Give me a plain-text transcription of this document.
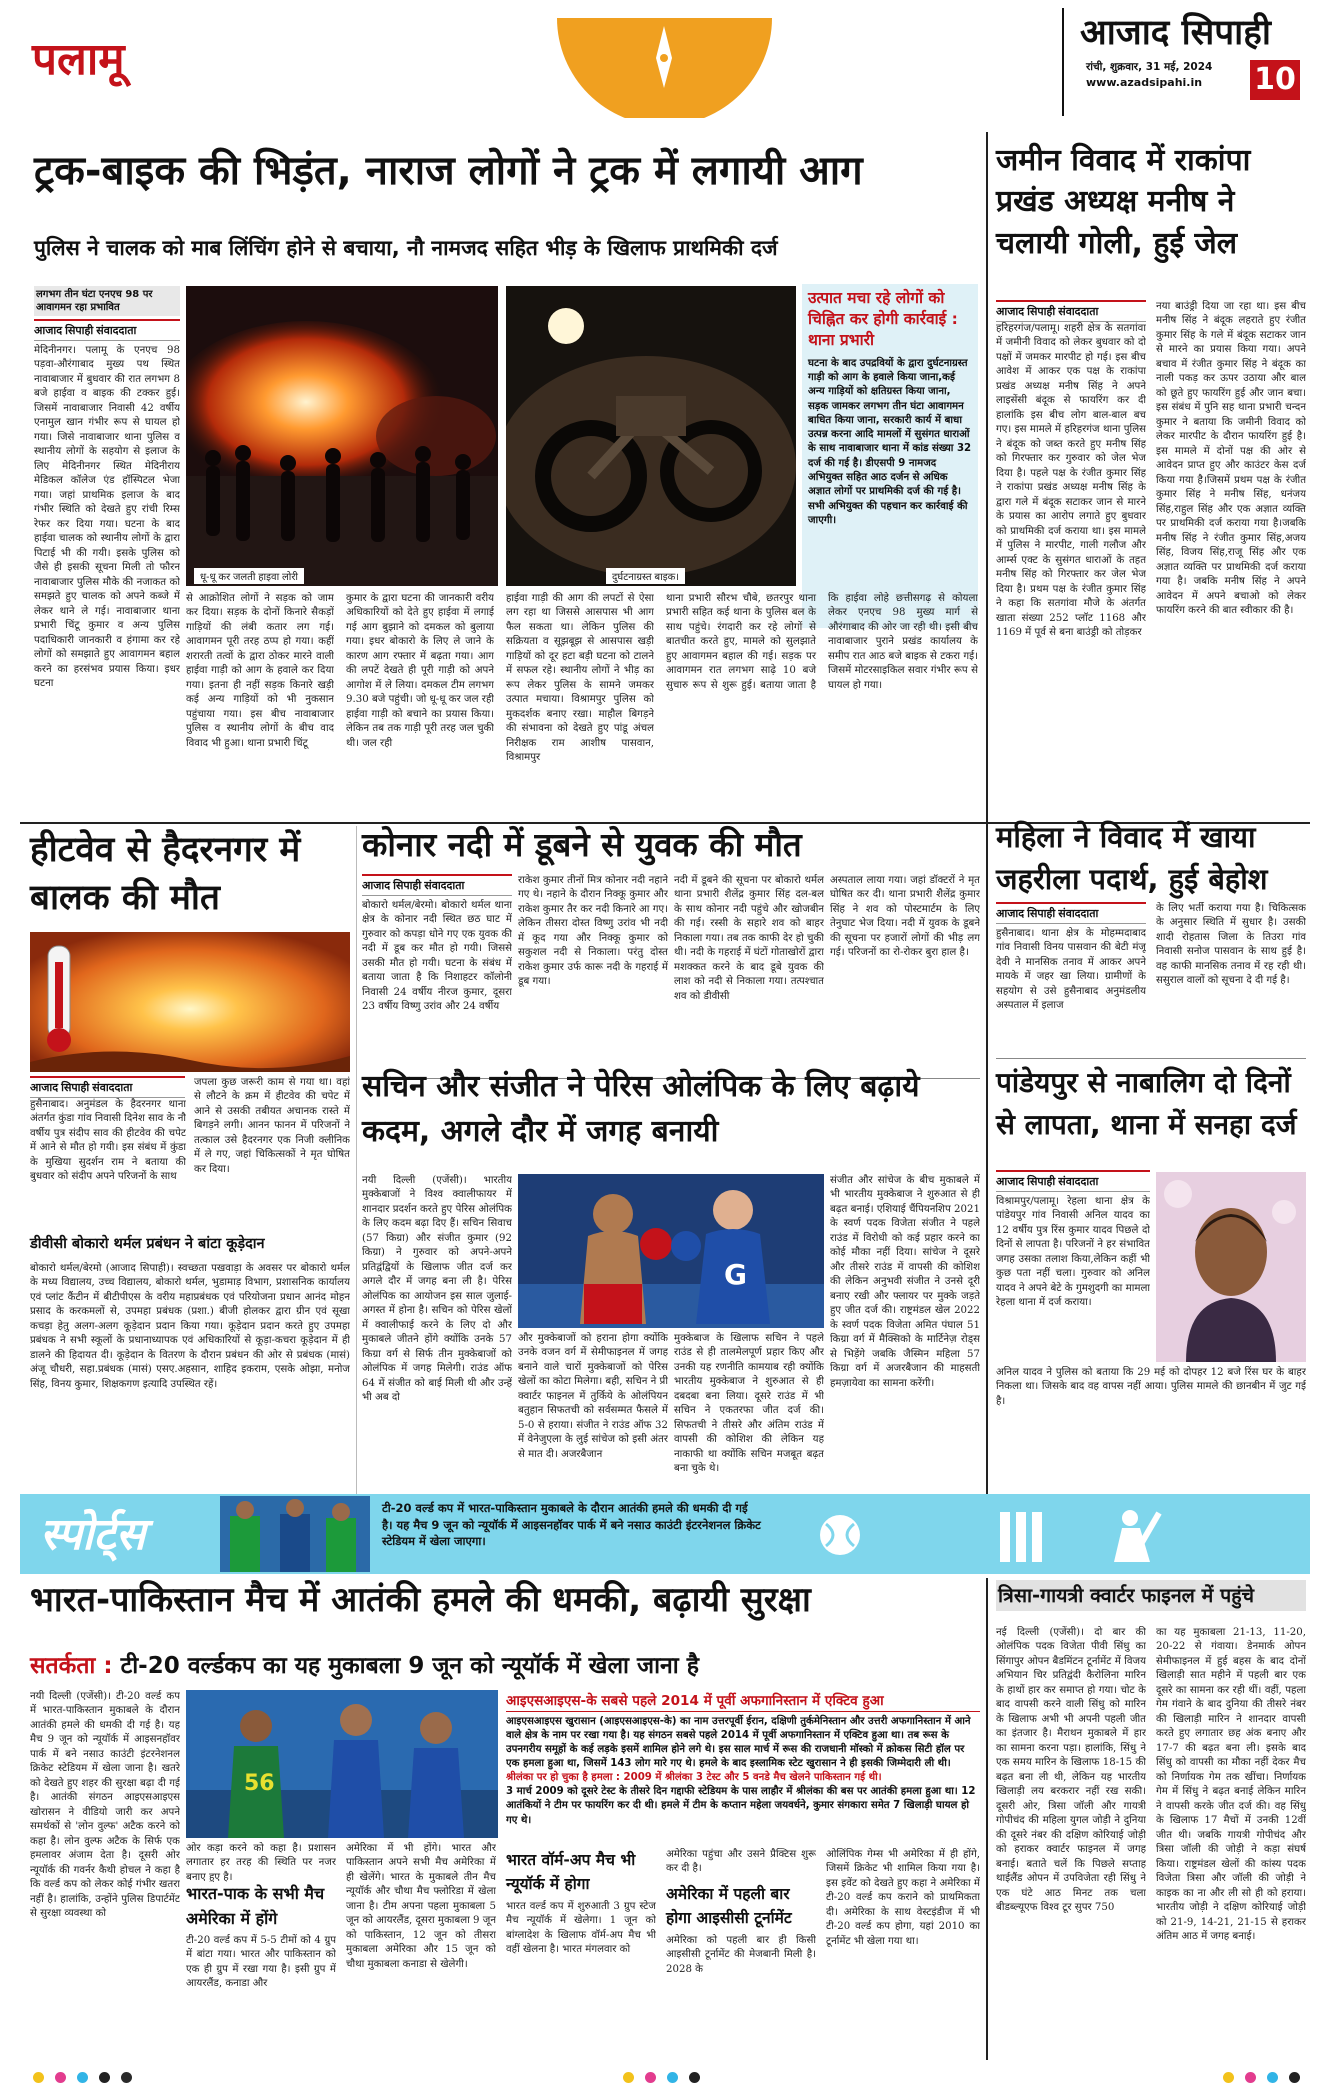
पलामू
आजाद सिपाही
रांची, शुक्रवार, 31 मई, 2024
www.azadsipahi.in 10
ट्रक-बाइक की भिड़ंत, नाराज लोगों ने ट्रक में लगायी आग
पुलिस ने चालक को माब लिंचिंग होने से बचाया, नौ नामजद सहित भीड़ के खिलाफ प्राथमिकी दर्ज
लगभग तीन घंटा एनएच 98 पर आवागमन रहा प्रभावित
आजाद सिपाही संवाददाता
मेदिनीनगर। पलामू के एनएच 98 पड़वा-औरंगाबाद मुख्य पथ स्थित नावाबाजार में बुधवार की रात लगभग 8 बजे हाईवा व बाइक की टक्कर हुई। जिसमें नावाबाजार निवासी 42 वर्षीय एनामुल खान गंभीर रूप से घायल हो गया। जिसे नावाबाजार थाना पुलिस व स्थानीय लोगों के सहयोग से इलाज के लिए मेदिनीनगर स्थित मेदिनीराय मेडिकल कॉलेज एंड हॉस्पिटल भेजा गया। जहां प्राथमिक इलाज के बाद गंभीर स्थिति को देखते हुए रांची रिम्स रेफर कर दिया गया। घटना के बाद हाईवा चालक को स्थानीय लोगों के द्वारा पिटाई भी की गयी। इसके पुलिस को जैसे ही इसकी सूचना मिली तो फौरन नावाबाजार पुलिस मौके की नजाकत को समझते हुए चालक को अपने कब्जे में लेकर थाने ले गई। नावाबाजार थाना प्रभारी चिंटू कुमार व अन्य पुलिस पदाधिकारी जानकारी व हंगामा कर रहे लोगों को समझाते हुए आवागमन बहाल करने का हरसंभव प्रयास किया। इधर घटना
धू-धू कर जलती हाइवा लोरी	दुर्घटनाग्रस्त बाइक।
उत्पात मचा रहे लोगों को चिह्नित कर होगी कार्रवाई : थाना प्रभारी
घटना के बाद उपद्रवियों के द्वारा दुर्घटनाग्रस्त गाड़ी को आग के हवाले किया जाना,कई अन्य गाड़ियों को क्षतिग्रस्त किया जाना, सड़क जामकर लगभग तीन घंटा आवागमन बाधित किया जाना, सरकारी कार्य में बाधा उत्पन्न करना आदि मामलों में सुसंगत धाराओं के साथ नावाबाजार थाना में कांड संख्या 32 दर्ज की गई है। डीएसपी 9 नामजद अभियुक्त सहित आठ दर्जन से अधिक अज्ञात लोगों पर प्राथमिकी दर्ज की गई है। सभी अभियुक्त की पहचान कर कार्रवाई की जाएगी।
से आक्रोशित लोगों ने सड़क को जाम कर दिया। सड़क के दोनों किनारे सैकड़ों गाड़ियों की लंबी कतार लग गई। आवागमन पूरी तरह ठप्प हो गया। कहीं शरारती तत्वों के द्वारा ठोकर मारने वाली हाईवा गाड़ी को आग के हवाले कर दिया गया। इतना ही नहीं सड़क किनारे खड़ी कई अन्य गाड़ियों को भी नुकसान पहुंचाया गया। इस बीच नावाबाजार पुलिस व स्थानीय लोगों के बीच वाद विवाद भी हुआ। थाना प्रभारी चिंटू
कुमार के द्वारा घटना की जानकारी वरीय अधिकारियों को देते हुए हाईवा में लगाई गई आग बुझाने को दमकल को बुलाया गया। इधर बोकारो के लिए ले जाने के कारण आग रफ्तार में बढ़ता गया। आग की लपटें देखते ही पूरी गाड़ी को अपने आगोश में ले लिया। दमकल टीम लगभग 9.30 बजे पहुंची। जो धू-धू कर जल रही हाईवा गाड़ी को बचाने का प्रयास किया। लेकिन तब तक गाड़ी पूरी तरह जल चुकी थी। जल रही
हाईवा गाड़ी की आग की लपटों से ऐसा लग रहा था जिससे आसपास भी आग फैल सकता था। लेकिन पुलिस की सक्रियता व सूझबूझ से आसपास खड़ी गाड़ियों को दूर हटा बड़ी घटना को टालने में सफल रहे। स्थानीय लोगों ने भीड़ का रूप लेकर पुलिस के सामने जमकर उत्पात मचाया। विश्रामपुर पुलिस को मुकदर्शक बनाए रखा। माहौल बिगड़ने की संभावना को देखते हुए पांडू अंचल निरीक्षक राम आशीष पासवान, विश्रामपुर
थाना प्रभारी सौरभ चौबे, छतरपुर थाना प्रभारी सहित कई थाना के पुलिस बल के साथ पहुंचे। रंगदारी कर रहे लोगों से बातचीत करते हुए, मामले को सुलझाते हुए आवागमन बहाल की गई। सड़क पर आवागमन रात लगभग साढ़े 10 बजे सुचारु रूप से शुरू हुई। बताया जाता है कि हाईवा लोहे छत्तीसगढ़ से कोयला लेकर एनएच 98 मुख्य मार्ग से औरंगाबाद की ओर जा रही थी। इसी बीच नावाबाजार पुराने प्रखंड कार्यालय के समीप रात आठ बजे बाइक से टकरा गई। जिसमें मोटरसाइकिल सवार गंभीर रूप से घायल हो गया।
जमीन विवाद में राकांपा प्रखंड अध्यक्ष मनीष ने चलायी गोली, हुई जेल
आजाद सिपाही संवाददाता
हरिहरगंज/पलामू। शहरी क्षेत्र के सतगांवा में जमीनी विवाद को लेकर बुधवार को दो पक्षों में जमकर मारपीट हो गई। इस बीच आवेश में आकर एक पक्ष के राकांपा प्रखंड अध्यक्ष मनीष सिंह ने अपने लाइसेंसी बंदूक से फायरिंग कर दी हालांकि इस बीच लोग बाल-बाल बच गए। इस मामले में हरिहरगंज थाना पुलिस ने बंदूक को जब्त करते हुए मनीष सिंह को गिरफ्तार कर गुरुवार को जेल भेज दिया है। पहले पक्ष के रंजीत कुमार सिंह ने राकांपा प्रखंड अध्यक्ष मनीष सिंह के द्वारा गले में बंदूक सटाकर जान से मारने के प्रयास का आरोप लगाते हुए बुधवार को प्राथमिकी दर्ज कराया था। इस मामले में पुलिस ने मारपीट, गाली गलौज और आर्म्स एक्ट के सुसंगत धाराओं के तहत मनीष सिंह को गिरफ्तार कर जेल भेज दिया है। प्रथम पक्ष के रंजीत कुमार सिंह ने कहा कि सतगांवा मौजे के अंतर्गत खाता संख्या 252 प्लॉट 1168 और 1169 में पूर्व से बना बाउंड्री को तोड़कर
नया बाउंड्री दिया जा रहा था। इस बीच मनीष सिंह ने बंदूक लहराते हुए रंजीत कुमार सिंह के गले में बंदूक सटाकर जान से मारने का प्रयास किया गया। अपने बचाव में रंजीत कुमार सिंह ने बंदूक का नाली पकड़ कर ऊपर उठाया और बाल को छूते हुए फायरिंग हुई और जान बचा। इस संबंध में पुनि सह थाना प्रभारी चन्दन कुमार ने बताया कि जमीनी विवाद को लेकर मारपीट के दौरान फायरिंग हुई है। इस मामले में दोनों पक्ष की ओर से आवेदन प्राप्त हुए और काउंटर केस दर्ज किया गया है।जिसमें प्रथम पक्ष के रंजीत कुमार सिंह ने मनीष सिंह, धनंजय सिंह,राहुल सिंह और एक अज्ञात व्यक्ति पर प्राथमिकी दर्ज कराया गया है।जबकि मनीष सिंह ने रंजीत कुमार सिंह,अजय सिंह, विजय सिंह,राजू सिंह और एक अज्ञात व्यक्ति पर प्राथमिकी दर्ज कराया गया है। जबकि मनीष सिंह ने अपने आवेदन में अपने बचाओ को लेकर फायरिंग करने की बात स्वीकार की है।
हीटवेव से हैदरनगर में बालक की मौत
आजाद सिपाही संवाददाता
हुसैनाबाद। अनुमंडल के हैदरनगर थाना अंतर्गत कुंडा गांव निवासी दिनेश साव के नौ वर्षीय पुत्र संदीप साव की हीटवेव की चपेट में आने से मौत हो गयी। इस संबंध में कुंडा के मुखिया सुदर्शन राम ने बताया की बुधवार को संदीप अपने परिजनों के साथ
जपला कुछ जरूरी काम से गया था। वहां से लौटने के क्रम में हीटवेव की चपेट में आने से उसकी तबीयत अचानक रास्ते में बिगड़ने लगी। आनन फानन में परिजनों ने तत्काल उसे हैदरनगर एक निजी क्लीनिक में ले गए, जहां चिकित्सकों ने मृत घोषित कर दिया।
डीवीसी बोकारो थर्मल प्रबंधन ने बांटा कूड़ेदान
बोकारो थर्मल/बेरमो (आजाद सिपाही)। स्वच्छता पखवाड़ा के अवसर पर बोकारो थर्मल के मध्य विद्यालय, उच्च विद्यालय, बोकारो थर्मल, भुडामाड़ विभाग, प्रशासनिक कार्यालय एवं प्लांट कैंटीन में बीटीपीएस के वरीय महाप्रबंधक एवं परियोजना प्रधान आनंद मोहन प्रसाद के करकमलों से, उपमहा प्रबंधक (प्रशा.) बीजी होलकर द्वारा ग्रीन एवं सूखा कचड़ा हेतु अलग-अलग कूड़ेदान प्रदान किया गया। कूड़ेदान प्रदान करते हुए उपमहा प्रबंधक ने सभी स्कूलों के प्रधानाध्यापक एवं अधिकारियों से कूड़ा-कचरा कूड़ेदान में ही डालने की हिदायत दी। कूड़ेदान के वितरण के दौरान प्रबंधन की ओर से प्रबंधक (मासं) अंजू चौधरी, सहा.प्रबंधक (मासं) एसए.अहसान, शाहिद इकराम, एसके ओझा, मनोज सिंह, विनय कुमार, शिक्षकगण इत्यादि उपस्थित रहें।
कोनार नदी में डूबने से युवक की मौत
आजाद सिपाही संवाददाता
बोकारो थर्मल/बेरमो। बोकारो थर्मल थाना क्षेत्र के कोनार नदी स्थित छठ घाट में गुरुवार को कपड़ा धोने गए एक युवक की नदी में डूब कर मौत हो गयी। जिससे उसकी मौत हो गयी। घटना के संबंध में बताया जाता है कि निशाहटर कॉलोनी निवासी 24 वर्षीय नीरज कुमार, दूसरा 23 वर्षीय विष्णु उरांव और 24 वर्षीय
राकेश कुमार तीनों मित्र कोनार नदी नहाने गए थे। नहाने के दौरान निक्कू कुमार और राकेश कुमार तैर कर नदी किनारे आ गए। लेकिन तीसरा दोस्त विष्णु उरांव भी नदी में कूद गया और निक्कू कुमार को सकुशल नदी से निकाला। परंतु दोस्त राकेश कुमार उर्फ कारू नदी के गहराई में डूब गया।
नदी में डूबने की सूचना पर बोकारो थर्मल थाना प्रभारी शैलेंद्र कुमार सिंह दल-बल के साथ कोनार नदी पहुंचे और खोजबीन की गई। रस्सी के सहारे शव को बाहर निकाला गया। तब तक काफी देर हो चुकी थी। नदी के गहराई में घंटों गोताखोरों द्वारा मशक्कत करने के बाद डूबे युवक की लाश को नदी से निकाला गया। तत्पश्चात शव को डीवीसी
अस्पताल लाया गया। जहां डॉक्टरों ने मृत घोषित कर दी। थाना प्रभारी शैलेंद्र कुमार सिंह ने शव को पोस्टमार्टम के लिए तेनुघाट भेज दिया। नदी में युवक के डूबने की सूचना पर हजारों लोगों की भीड़ लग गई। परिजनों का रो-रोकर बुरा हाल है।
सचिन और संजीत ने पेरिस ओलंपिक के लिए बढ़ाये कदम, अगले दौर में जगह बनायी
नयी दिल्ली (एजेंसी)। भारतीय मुक्केबाजों ने विश्व क्वालीफायर में शानदार प्रदर्शन करते हुए पेरिस ओलंपिक के लिए कदम बढ़ा दिए हैं। सचिन सिवाच (57 किग्रा) और संजीत कुमार (92 किग्रा) ने गुरुवार को अपने-अपने प्रतिद्वंद्वियों के खिलाफ जीत दर्ज कर अगले दौर में जगह बना ली है। पेरिस ओलंपिक का आयोजन इस साल जुलाई-अगस्त में होना है। सचिन को पेरिस खेलों में क्वालीफाई करने के लिए दो और मुकाबले जीतने होंगे क्योंकि उनके 57 किग्रा वर्ग से सिर्फ तीन मुक्केबाजों को ओलंपिक में जगह मिलेगी। राउंड ऑफ 64 में संजीत को बाई मिली थी और उन्हें भी अब दो
G
और मुक्केबाजों को हराना होगा क्योंकि उनके वजन वर्ग में सेमीफाइनल में जगह बनाने वाले चारों मुक्केबाजों को पेरिस खेलों का कोटा मिलेगा। बही, सचिन ने प्री क्वार्टर फाइनल में तुर्किये के ओलंपियन बतुहान सिफतची को सर्वसम्मत फैसले में 5-0 से हराया। संजीत ने राउंड ऑफ 32 में वेनेजुएला के लुई सांचेज को इसी अंतर से मात दी। अजरबैजान
मुक्केबाज के खिलाफ सचिन ने पहले राउंड से ही तालमेलपूर्ण प्रहार किए और उनकी यह रणनीति कामयाब रही क्योंकि भारतीय मुक्केबाज ने शुरुआत से ही दबदबा बना लिया। दूसरे राउंड में भी सचिन ने एकतरफा जीत दर्ज की। सिफतची ने तीसरे और अंतिम राउंड में वापसी की कोशिश की लेकिन यह नाकाफी था क्योंकि सचिन मजबूत बढ़त बना चुके थे।
संजीत और सांचेज के बीच मुकाबले में भी भारतीय मुक्केबाज ने शुरुआत से ही बढ़त बनाई। एशियाई चैंपियनशिप 2021 के स्वर्ण पदक विजेता संजीत ने पहले राउंड में विरोधी को कई प्रहार करने का कोई मौका नहीं दिया। सांचेज ने दूसरे और तीसरे राउंड में वापसी की कोशिश की लेकिन अनुभवी संजीत ने उनसे दूरी बनाए रखी और फ्लायर पर मुक्के जड़ते हुए जीत दर्ज की। राष्ट्रमंडल खेल 2022 के स्वर्ण पदक विजेता अमित पंघाल 51 किग्रा वर्ग में मैक्सिको के मार्टिनेज़ रोड्स से भिड़ेंगे जबकि जैस्मिन महिला 57 किग्रा वर्ग में अजरबैजान की माहसती हमज़ायेवा का सामना करेंगी।
महिला ने विवाद में खाया जहरीला पदार्थ, हुई बेहोश
आजाद सिपाही संवाददाता
हुसैनाबाद। थाना क्षेत्र के मोहम्मदाबाद गांव निवासी विनय पासवान की बेटी मंजू देवी ने मानसिक तनाव में आकर अपने मायके में जहर खा लिया। ग्रामीणों के सहयोग से उसे हुसैनाबाद अनुमंडलीय अस्पताल में इलाज
के लिए भर्ती कराया गया है। चिकित्सक के अनुसार स्थिति में सुधार है। उसकी शादी रोहतास जिला के तिउरा गांव निवासी सनोज पासवान के साथ हुई है। वह काफी मानसिक तनाव में रह रही थी। ससुराल वालों को सूचना दे दी गई है।
पांडेयपुर से नाबालिग दो दिनों से लापता, थाना में सनहा दर्ज
आजाद सिपाही संवाददाता
विश्रामपुर/पलामू। रेहला थाना क्षेत्र के पांडेयपुर गांव निवासी अनिल यादव का 12 वर्षीय पुत्र रिंस कुमार यादव पिछले दो दिनों से लापता है। परिजनों ने हर संभावित जगह उसका तलाश किया,लेकिन कहीं भी कुछ पता नहीं चला। गुरुवार को अनिल यादव ने अपने बेटे के गुमशुदगी का मामला रेहला थाना में दर्ज कराया।
अनिल यादव ने पुलिस को बताया कि 29 मई को दोपहर 12 बजे रिंस घर के बाहर निकला था। जिसके बाद वह वापस नहीं आया। पुलिस मामले की छानबीन में जुट गई है।
स्पोर्ट्स
टी-20 वर्ल्ड कप में भारत-पाकिस्तान मुकाबले के दौरान आतंकी हमले की धमकी दी गई है। यह मैच 9 जून को न्यूयॉर्क में आइसनहॉवर पार्क में बने नसाउ काउंटी इंटरनेशनल क्रिकेट स्टेडियम में खेला जाएगा।
भारत-पाकिस्तान मैच में आतंकी हमले की धमकी, बढ़ायी सुरक्षा
सतर्कता : टी-20 वर्ल्डकप का यह मुकाबला 9 जून को न्यूयॉर्क में खेला जाना है
नयी दिल्ली (एजेंसी)। टी-20 वर्ल्ड कप में भारत-पाकिस्तान मुकाबले के दौरान आतंकी हमले की धमकी दी गई है। यह मैच 9 जून को न्यूयॉर्क में आइसनहॉवर पार्क में बने नसाउ काउंटी इंटरनेशनल क्रिकेट स्टेडियम में खेला जाना है। खतरे को देखते हुए शहर की सुरक्षा बढ़ा दी गई है। आतंकी संगठन आइएसआइएस खोरासन ने वीडियो जारी कर अपने समर्थकों से 'लोन वुल्फ' अटैक करने को कहा है। लोन वुल्फ अटैक के सिर्फ एक हमलावर अंजाम देता है। दूसरी ओर न्यूयॉर्क की गवर्नर कैथी होचल ने कहा है कि वर्ल्ड कप को लेकर कोई गंभीर खतरा नहीं है। हालांकि, उन्होंने पुलिस डिपार्टमेंट से सुरक्षा व्यवस्था को
56
ओर कड़ा करने को कहा है। प्रशासन लगातार हर तरह की स्थिति पर नजर बनाए हुए है।
भारत-पाक के सभी मैच अमेरिका में होंगे
टी-20 वर्ल्ड कप में 5-5 टीमों को 4 ग्रुप में बांटा गया। भारत और पाकिस्तान को एक ही ग्रुप में रखा गया है। इसी ग्रुप में आयरलैंड, कनाडा और
अमेरिका में भी होंगे। भारत और पाकिस्तान अपने सभी मैच अमेरिका में ही खेलेंगे। भारत के मुकाबले तीन मैच न्यूयॉर्क और चौथा मैच फ्लोरिडा में खेला जाना है। टीम अपना पहला मुकाबला 5 जून को आयरलैंड, दूसरा मुकाबला 9 जून को पाकिस्तान, 12 जून को तीसरा मुकाबला अमेरिका और 15 जून को चौथा मुकाबला कनाडा से खेलेगी।
आइएसआइएस-के सबसे पहले 2014 में पूर्वी अफगानिस्तान में एक्टिव हुआ
आइएसआइएस खुरासान (आइएसआइएस-के) का नाम उत्तरपूर्वी ईरान, दक्षिणी तुर्कमेनिस्तान और उत्तरी अफगानिस्तान में आने वाले क्षेत्र के नाम पर रखा गया है। यह संगठन सबसे पहले 2014 में पूर्वी अफगानिस्तान में एक्टिव हुआ था। तब रूस के उपनगरीय समूहों के कई लड़के इसमें शामिल होने लगे थे। इस साल मार्च में रूस की राजधानी मॉस्को में क्रोकस सिटी हॉल पर एक हमला हुआ था, जिसमें 143 लोग मारे गए थे। हमले के बाद इस्लामिक स्टेट खुरासान ने ही इसकी जिम्मेदारी ली थी।
श्रीलंका पर हो चुका है हमला : 2009 में श्रीलंका 3 टेस्ट और 5 वनडे मैच खेलने पाकिस्तान गई थी।
3 मार्च 2009 को दूसरे टेस्ट के तीसरे दिन गद्दाफी स्टेडियम के पास लाहौर में श्रीलंका की बस पर आतंकी हमला हुआ था। 12 आतंकियों ने टीम पर फायरिंग कर दी थी। हमले में टीम के कप्तान महेला जयवर्धने, कुमार संगकारा समेत 7 खिलाड़ी घायल हो गए थे।
भारत वॉर्म-अप मैच भी न्यूयॉर्क में होगा
भारत वर्ल्ड कप में शुरुआती 3 ग्रुप स्टेज मैच न्यूयॉर्क में खेलेगा। 1 जून को बांग्लादेश के खिलाफ वॉर्म-अप मैच भी वहीं खेलना है। भारत मंगलवार को
अमेरिका पहुंचा और उसने प्रैक्टिस शुरू कर दी है।
अमेरिका में पहली बार होगा आइसीसी टूर्नामेंट
अमेरिका को पहली बार ही किसी आइसीसी टूर्नामेंट की मेजबानी मिली है। 2028 के
ओलिंपिक गेम्स भी अमेरिका में ही होंगे, जिसमें क्रिकेट भी शामिल किया गया है। इस इवेंट को देखते हुए कहा ने अमेरिका में टी-20 वर्ल्ड कप कराने को प्राथमिकता दी। अमेरिका के साथ वेस्टइंडीज में भी टी-20 वर्ल्ड कप होगा, यहां 2010 का टूर्नामेंट भी खेला गया था।
त्रिसा-गायत्री क्वार्टर फाइनल में पहुंचे
नई दिल्ली (एजेंसी)। दो बार की ओलंपिक पदक विजेता पीवी सिंधु का सिंगापुर ओपन बैडमिंटन टूर्नामेंट में विजय अभियान चिर प्रतिद्वंदी कैरोलिना मारिन के हाथों हार कर समाप्त हो गया। चोट के बाद वापसी करने वाली सिंधु को मारिन के खिलाफ अभी भी अपनी पहली जीत का इंतजार है। मैराथन मुकाबले में हार का सामना करना पड़ा। हालांकि, सिंधु ने एक समय मारिन के खिलाफ 18-15 की बढ़त बना ली थी, लेकिन यह भारतीय खिलाड़ी लय बरकरार नहीं रख सकी। दूसरी ओर, त्रिसा जॉली और गायत्री गोपीचंद की महिला युगल जोड़ी ने दुनिया की दूसरे नंबर की दक्षिण कोरियाई जोड़ी को हराकर क्वार्टर फाइनल में जगह बनाई। बताते चलें कि पिछले सप्ताह थाईलैंड ओपन में उपविजेता रही सिंधु ने एक घंटे आठ मिनट तक चला बीडब्ल्यूएफ विश्व टूर सुपर 750
का यह मुकाबला 21-13, 11-20, 20-22 से गंवाया। डेनमार्क ओपन सेमीफाइनल में हुई बहस के बाद दोनों खिलाड़ी सात महीने में पहली बार एक दूसरे का सामना कर रही थीं। वहीं, पहला गेम गंवाने के बाद दुनिया की तीसरे नंबर की खिलाड़ी मारिन ने शानदार वापसी करते हुए लगातार छह अंक बनाए और 17-7 की बढ़त बना ली। इसके बाद सिंधु को वापसी का मौका नहीं देकर मैच को निर्णायक गेम तक खींचा। निर्णायक गेम में सिंधु ने बढ़त बनाई लेकिन मारिन ने वापसी करके जीत दर्ज की। वह सिंधु के खिलाफ 17 मैचों में उनकी 12वीं जीत थी। जबकि गायत्री गोपीचंद और त्रिसा जॉली की जोड़ी ने कड़ा संघर्ष किया। राष्ट्रमंडल खेलों की कांस्य पदक विजेता त्रिसा और जॉली की जोड़ी ने काइक का ना और ली सो ही को हराया। भारतीय जोड़ी ने दक्षिण कोरियाई जोड़ी को 21-9, 14-21, 21-15 से हराकर अंतिम आठ में जगह बनाई।
